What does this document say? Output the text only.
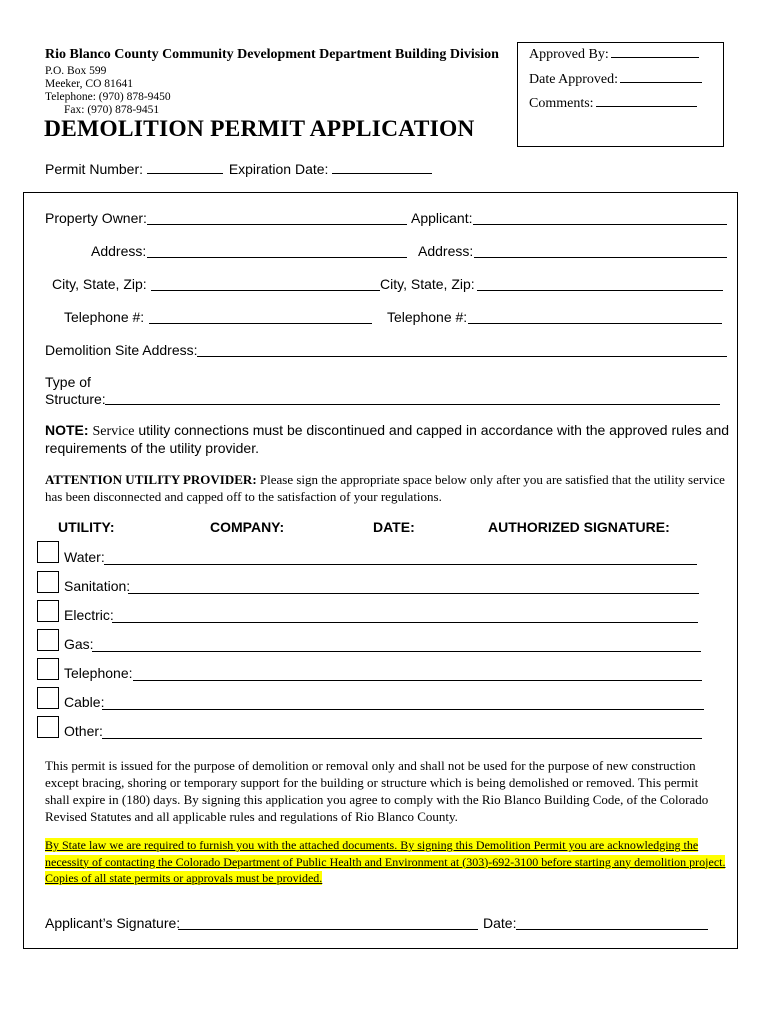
Rio Blanco County Community Development Department Building Division
P.O. Box 599
Meeker, CO 81641
Telephone: (970) 878-9450
Fax: (970) 878-9451
Approved By:
Date Approved:
Comments:
DEMOLITION PERMIT APPLICATION
Permit Number:	Expiration Date:
Property Owner:	Applicant:
Address:	Address:
City, State, Zip:	City, State, Zip:
Telephone #:	Telephone #:
Demolition Site Address:
Type of
Structure:
NOTE: Service utility connections must be discontinued and capped in accordance with the approved rules and requirements of the utility provider.
ATTENTION UTILITY PROVIDER: Please sign the appropriate space below only after you are satisfied that the utility service has been disconnected and capped off to the satisfaction of your regulations.
UTILITY:	COMPANY:	DATE:	AUTHORIZED SIGNATURE:
Water:
Sanitation:
Electric:
Gas:
Telephone:
Cable:
Other:
This permit is issued for the purpose of demolition or removal only and shall not be used for the purpose of new construction except bracing, shoring or temporary support for the building or structure which is being demolished or removed. This permit shall expire in (180) days. By signing this application you agree to comply with the Rio Blanco Building Code, of the Colorado Revised Statutes and all applicable rules and regulations of Rio Blanco County.
By State law we are required to furnish you with the attached documents. By signing this Demolition Permit you are acknowledging the necessity of contacting the Colorado Department of Public Health and Environment at (303)-692-3100 before starting any demolition project. Copies of all state permits or approvals must be provided.
Applicant’s Signature:	Date:
